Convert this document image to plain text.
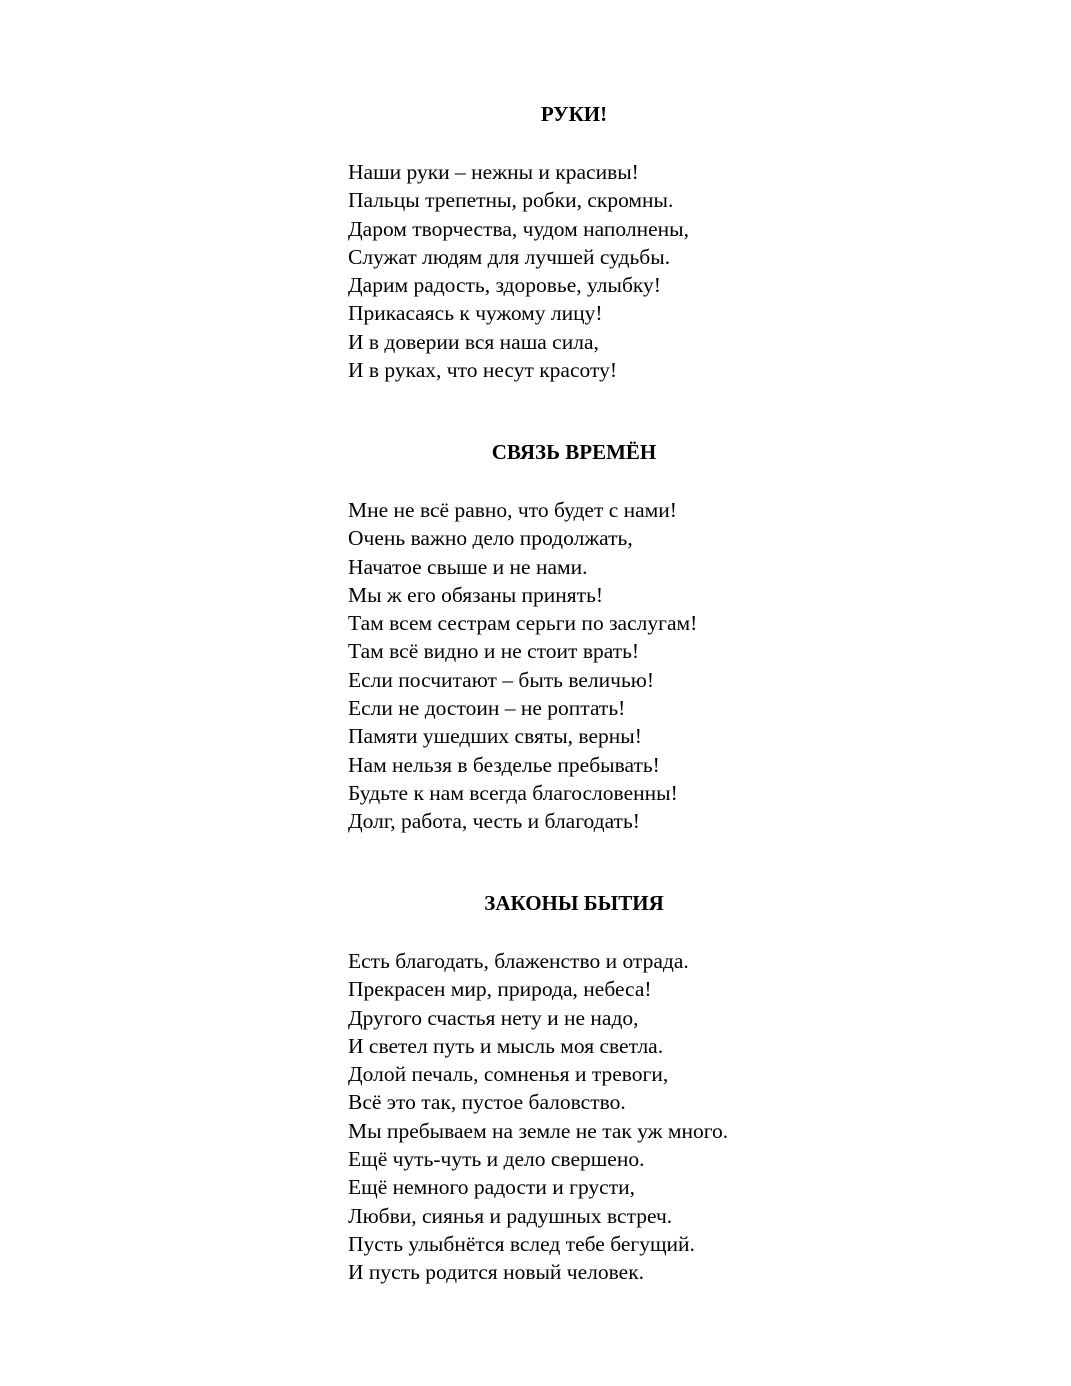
РУКИ!

Наши руки – нежны и красивы!

Пальцы трепетны, робки, скромны.

Даром творчества, чудом наполнены,

Служат людям для лучшей судьбы.

Дарим радость, здоровье, улыбку!

Прикасаясь к чужому лицу!

И в доверии вся наша сила,

И в руках, что несут красоту!

СВЯЗЬ ВРЕМЁН

Мне не всё равно, что будет с нами!

Очень важно дело продолжать,

Начатое свыше и не нами.

Мы ж его обязаны принять!

Там всем сестрам серьги по заслугам!

Там всё видно и не стоит врать!

Если посчитают – быть величью!

Если не достоин – не роптать!

Памяти ушедших святы, верны!

Нам нельзя в безделье пребывать!

Будьте к нам всегда благословенны!

Долг, работа, честь и благодать!

ЗАКОНЫ БЫТИЯ

Есть благодать, блаженство и отрада.

Прекрасен мир, природа, небеса!

Другого счастья нету и не надо,

И светел путь и мысль моя светла.

Долой печаль, сомненья и тревоги,

Всё это так, пустое баловство.

Мы пребываем на земле не так уж много.

Ещё чуть-чуть и дело свершено.

Ещё немного радости и грусти,

Любви, сиянья и радушных встреч.

Пусть улыбнётся вслед тебе бегущий.

И пусть родится новый человек.
